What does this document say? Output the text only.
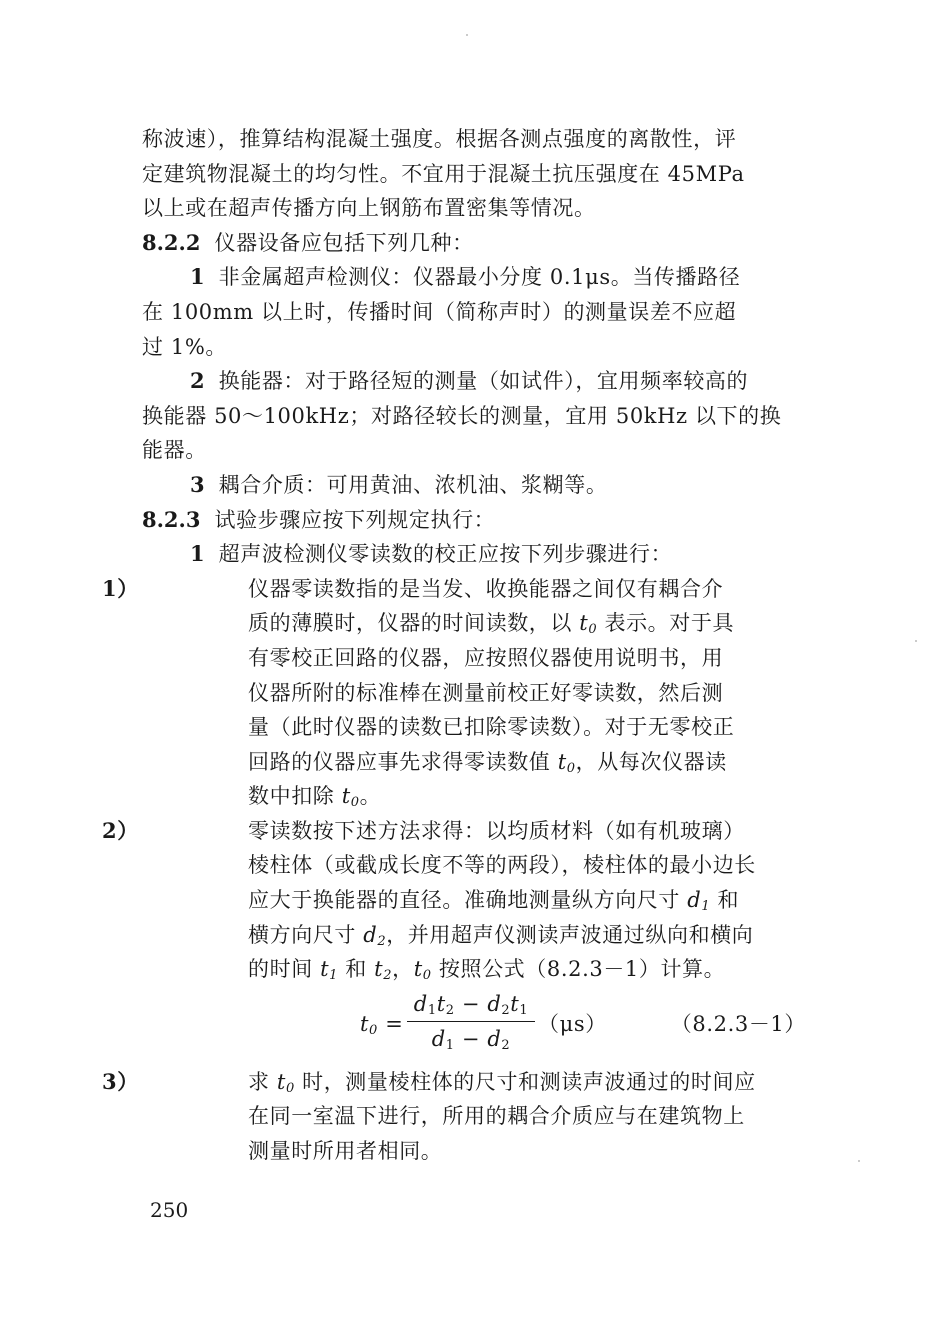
称波速），推算结构混凝土强度。根据各测点强度的离散性，评
定建筑物混凝土的均匀性。不宜用于混凝土抗压强度在 45MPa
以上或在超声传播方向上钢筋布置密集等情况。

8.2.2 仪器设备应包括下列几种：

1 非金属超声检测仪：仪器最小分度 0.1μs。当传播路径
在 100mm 以上时，传播时间（简称声时）的测量误差不应超
过 1%。

2 换能器：对于路径短的测量（如试件），宜用频率较高的
换能器 50～100kHz；对路径较长的测量，宜用 50kHz 以下的换
能器。

3 耦合介质：可用黄油、浓机油、浆糊等。

8.2.3 试验步骤应按下列规定执行：

1 超声波检测仪零读数的校正应按下列步骤进行：

1）	仪器零读数指的是当发、收换能器之间仅有耦合介
质的薄膜时，仪器的时间读数，以 $t_0$ 表示。对于具
有零校正回路的仪器，应按照仪器使用说明书，用
仪器所附的标准棒在测量前校正好零读数，然后测
量（此时仪器的读数已扣除零读数）。对于无零校正
回路的仪器应事先求得零读数值 $t_0$，从每次仪器读
数中扣除 $t_0$。

2）	零读数按下述方法求得：以均质材料（如有机玻璃）
棱柱体（或截成长度不等的两段），棱柱体的最小边长
应大于换能器的直径。准确地测量纵方向尺寸 $d_1$ 和
横方向尺寸 $d_2$，并用超声仪测读声波通过纵向和横向
的时间 $t_1$ 和 $t_2$，$t_0$ 按照公式（8.2.3－1）计算。

$t_0$ =
$d_1t_2 - d_2t_1$
$d_1 - d_2$
（μs）	（8.2.3－1）
3）	求 $t_0$ 时，测量棱柱体的尺寸和测读声波通过的时间应
在同一室温下进行，所用的耦合介质应与在建筑物上
测量时所用者相同。

250
